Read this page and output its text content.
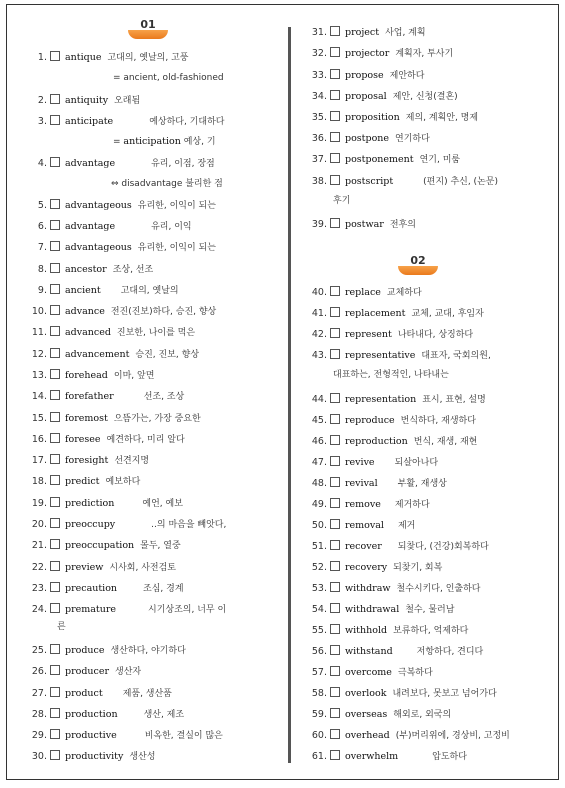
01
1. antique 고대의, 옛날의, 고풍
= ancient, old-fashioned
2. antiquity 오래됨
3. anticipate	예상하다, 기대하다
= anticipation 예상, 기
4. advantage	유리, 이점, 장점
⇔ disadvantage 불리한 점
5. advantageous 유리한, 이익이 되는
6. advantage	유리, 이익
7. advantageous 유리한, 이익이 되는
8. ancestor 조상, 선조
9. ancient 고대의, 옛날의
10. advance 전진(진보)하다, 승진, 향상
11. advanced 진보한, 나이를 먹은
12. advancement 승진, 진보, 향상
13. forehead 이마, 앞면
14. forefather	선조, 조상
15. foremost 으뜸가는, 가장 중요한
16. foresee 예견하다, 미리 알다
17. foresight 선견지명
18. predict 예보하다
19. prediction	예언, 예보
20. preoccupy	..의 마음을 빼앗다,
21. preoccupation 몰두, 열중
22. preview 시사회, 사전검토
23. precaution	조심, 경계
24. premature	시기상조의, 너무 이
른
25. produce 생산하다, 야기하다
26. producer 생산자
27. product 제품, 생산품
28. production	생산, 제조
29. productive	비옥한, 결실이 많은
30. productivity 생산성
31. project 사업, 계획
32. projector 계획자, 투사기
33. propose 제안하다
34. proposal 제안, 신청(결혼)
35. proposition 제의, 계획안, 명제
36. postpone 연기하다
37. postponement 연기, 미룸
38. postscript	(편지) 추신, (논문)
후기
39. postwar 전후의
02
40. replace 교체하다
41. replacement 교체, 교대, 후임자
42. represent 나타내다, 상징하다
43. representative 대표자, 국회의원,
대표하는, 전형적인, 나타내는
44. representation 표시, 표현, 설명
45. reproduce 번식하다, 재생하다
46. reproduction 번식, 재생, 재현
47. revive 되살아나다
48. revival 부활, 재생상
49. remove 제거하다
50. removal 제거
51. recover 되찾다, (건강)회복하다
52. recovery 되찾기, 회복
53. withdraw 철수시키다, 인출하다
54. withdrawal 철수, 물러남
55. withhold 보류하다, 억제하다
56. withstand	저항하다, 견디다
57. overcome 극복하다
58. overlook 내려보다, 못보고 넘어가다
59. overseas 해외로, 외국의
60. overhead (부)머리위에, 경상비, 고정비
61. overwhelm	압도하다
